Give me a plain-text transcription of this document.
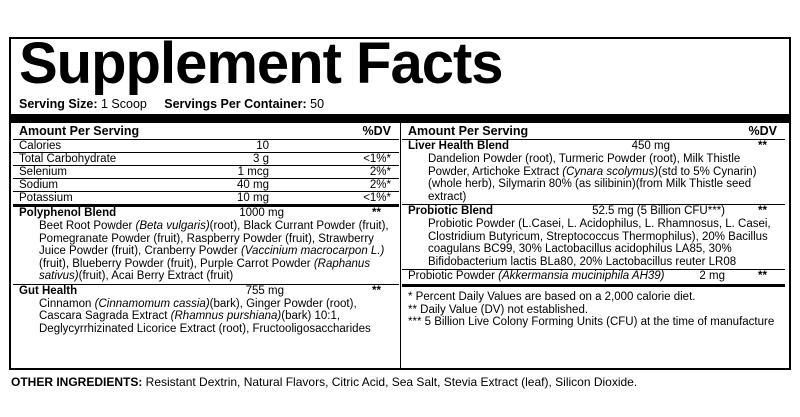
Supplement Facts
Serving Size: 1 Scoop Servings Per Container: 50
Amount Per Serving	%DV
Calories	10
Total Carbohydrate	3 g	<1%*
Selenium	1 mcg	2%*
Sodium	40 mg	2%*
Potassium	10 mg	<1%*
Polyphenol Blend	1000 mg	**
Beet Root Powder (Beta vulgaris)(root), Black Currant Powder (fruit), Pomegranate Powder (fruit), Raspberry Powder (fruit), Strawberry Juice Powder (fruit), Cranberry Powder (Vaccinium macrocarpon L.)(fruit), Blueberry Powder (fruit), Purple Carrot Powder (Raphanus sativus)(fruit), Acai Berry Extract (fruit)
Gut Health	755 mg	**
Cinnamon (Cinnamomum cassia)(bark), Ginger Powder (root), Cascara Sagrada Extract (Rhamnus purshiana)(bark) 10:1, Deglycyrrhizinated Licorice Extract (root), Fructooligosaccharides
Amount Per Serving	%DV
Liver Health Blend	450 mg	**
Dandelion Powder (root), Turmeric Powder (root), Milk Thistle Powder, Artichoke Extract (Cynara scolymus)(std to 5% Cynarin) (whole herb), Silymarin 80% (as silibinin)(from Milk Thistle seed extract)
Probiotic Blend	52.5 mg (5 Billion CFU***)	**
Probiotic Powder (L.Casei, L. Acidophilus, L. Rhamnosus, L. Casei, Clostridium Butyricum, Streptococcus Thermophilus), 20% Bacillus coagulans BC99, 30% Lactobacillus acidophilus LA85, 30% Bifidobacterium lactis BLa80, 20% Lactobacillus reuter LR08
Probiotic Powder (Akkermansia muciniphila AH39)	2 mg	**
* Percent Daily Values are based on a 2,000 calorie diet.
** Daily Value (DV) not established.
*** 5 Billion Live Colony Forming Units (CFU) at the time of manufacture
OTHER INGREDIENTS: Resistant Dextrin, Natural Flavors, Citric Acid, Sea Salt, Stevia Extract (leaf), Silicon Dioxide.
